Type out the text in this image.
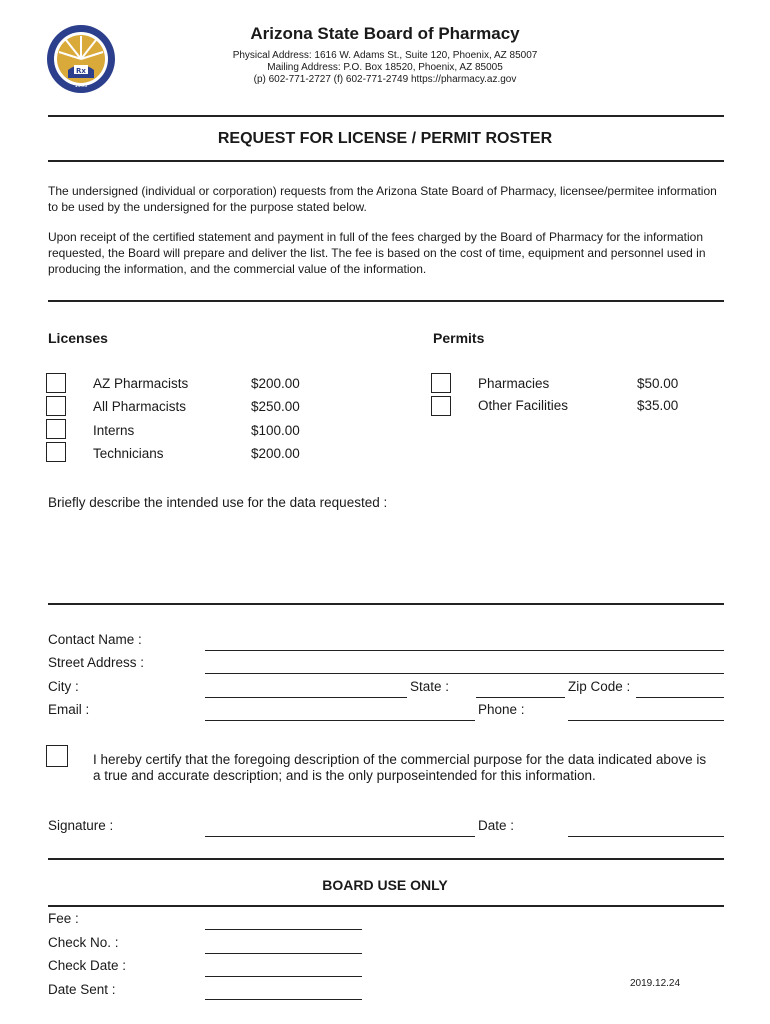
Rx
1903
Arizona State Board of Pharmacy
Physical Address: 1616 W. Adams St., Suite 120, Phoenix, AZ 85007
Mailing Address: P.O. Box 18520, Phoenix, AZ 85005
(p) 602-771-2727 (f) 602-771-2749 https://pharmacy.az.gov
REQUEST FOR LICENSE / PERMIT ROSTER
The undersigned (individual or corporation) requests from the Arizona State Board of Pharmacy, licensee/permitee information to be used by the undersigned for the purpose stated below.
Upon receipt of the certified statement and payment in full of the fees charged by the Board of Pharmacy for the information requested, the Board will prepare and deliver the list. The fee is based on the cost of time, equipment and personnel used in producing the information, and the commercial value of the information.
Licenses
AZ Pharmacists	$200.00
All Pharmacists	$250.00
Interns	$100.00
Technicians	$200.00
Permits
Pharmacies	$50.00
Other Facilities	$35.00
Briefly describe the intended use for the data requested :
Contact Name :
Street Address :
City :	State :	Zip Code :
Email :	Phone :
I hereby certify that the foregoing description of the commercial purpose for the data indicated above is
a true and accurate description; and is the only purposeintended for this information.
Signature :	Date :
BOARD USE ONLY
Fee :
Check No. :
Check Date :
Date Sent :	2019.12.24
